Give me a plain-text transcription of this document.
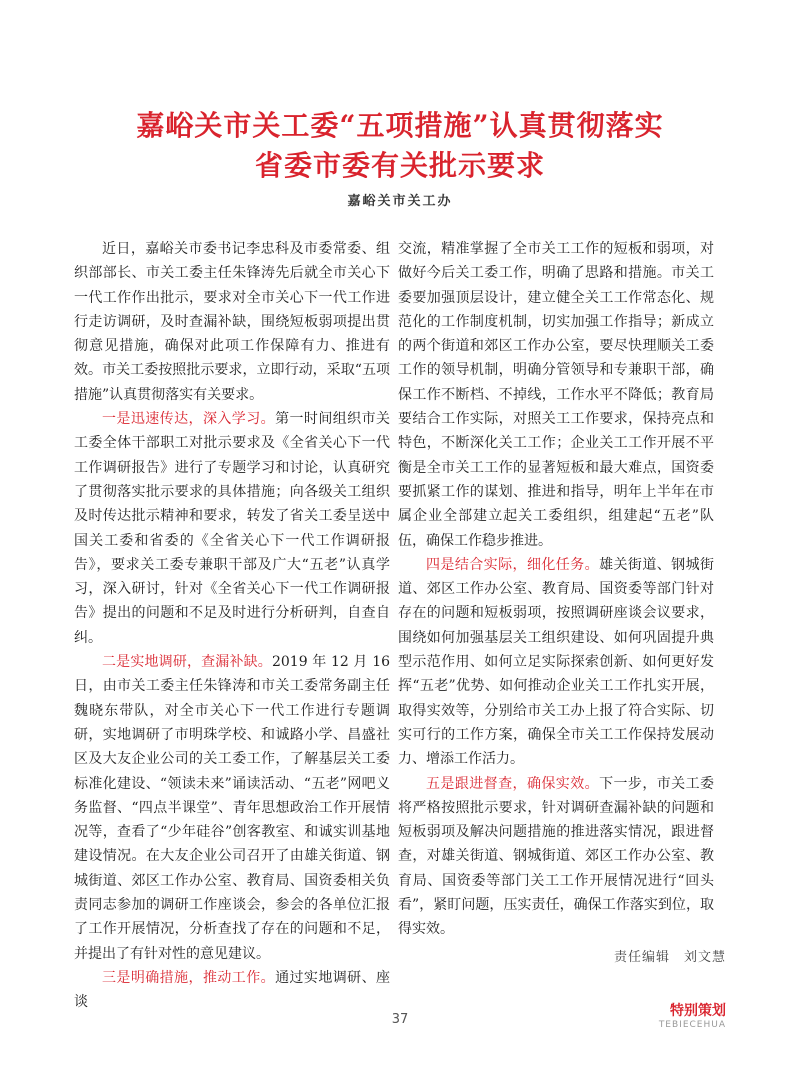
嘉峪关市关工委“五项措施”认真贯彻落实
省委市委有关批示要求
嘉峪关市关工办

近日，嘉峪关市委书记李忠科及市委常委、组织部部长、市关工委主任朱锋涛先后就全市关心下一代工作作出批示，要求对全市关心下一代工作进行走访调研，及时查漏补缺，围绕短板弱项提出贯彻意见措施，确保对此项工作保障有力、推进有效。市关工委按照批示要求，立即行动，采取“五项措施”认真贯彻落实有关要求。

一是迅速传达，深入学习。第一时间组织市关工委全体干部职工对批示要求及《全省关心下一代工作调研报告》进行了专题学习和讨论，认真研究了贯彻落实批示要求的具体措施；向各级关工组织及时传达批示精神和要求，转发了省关工委呈送中国关工委和省委的《全省关心下一代工作调研报告》，要求关工委专兼职干部及广大“五老”认真学习，深入研讨，针对《全省关心下一代工作调研报告》提出的问题和不足及时进行分析研判，自查自纠。

二是实地调研，查漏补缺。2019 年 12 月 16 日，由市关工委主任朱锋涛和市关工委常务副主任魏晓东带队，对全市关心下一代工作进行专题调研，实地调研了市明珠学校、和诚路小学、昌盛社区及大友企业公司的关工委工作，了解基层关工委标准化建设、“领读未来”诵读活动、“五老”网吧义务监督、“四点半课堂”、青年思想政治工作开展情况等，查看了“少年硅谷”创客教室、和诚实训基地建设情况。在大友企业公司召开了由雄关街道、钢城街道、郊区工作办公室、教育局、国资委相关负责同志参加的调研工作座谈会，参会的各单位汇报了工作开展情况，分析查找了存在的问题和不足，并提出了有针对性的意见建议。

三是明确措施，推动工作。通过实地调研、座谈

交流，精准掌握了全市关工工作的短板和弱项，对做好今后关工委工作，明确了思路和措施。市关工委要加强顶层设计，建立健全关工工作常态化、规范化的工作制度机制，切实加强工作指导；新成立的两个街道和郊区工作办公室，要尽快理顺关工委工作的领导机制，明确分管领导和专兼职干部，确保工作不断档、不掉线，工作水平不降低；教育局要结合工作实际，对照关工工作要求，保持亮点和特色，不断深化关工工作；企业关工工作开展不平衡是全市关工工作的显著短板和最大难点，国资委要抓紧工作的谋划、推进和指导，明年上半年在市属企业全部建立起关工委组织，组建起“五老”队伍，确保工作稳步推进。

四是结合实际，细化任务。雄关街道、钢城街道、郊区工作办公室、教育局、国资委等部门针对存在的问题和短板弱项，按照调研座谈会议要求，围绕如何加强基层关工组织建设、如何巩固提升典型示范作用、如何立足实际探索创新、如何更好发挥“五老”优势、如何推动企业关工工作扎实开展，取得实效等，分别给市关工办上报了符合实际、切实可行的工作方案，确保全市关工工作保持发展动力、增添工作活力。

五是跟进督查，确保实效。下一步，市关工委将严格按照批示要求，针对调研查漏补缺的问题和短板弱项及解决问题措施的推进落实情况，跟进督查，对雄关街道、钢城街道、郊区工作办公室、教育局、国资委等部门关工工作开展情况进行“回头看”，紧盯问题，压实责任，确保工作落实到位，取得实效。

责任编辑　刘文慧
37
特别策划
TEBIECEHUA
